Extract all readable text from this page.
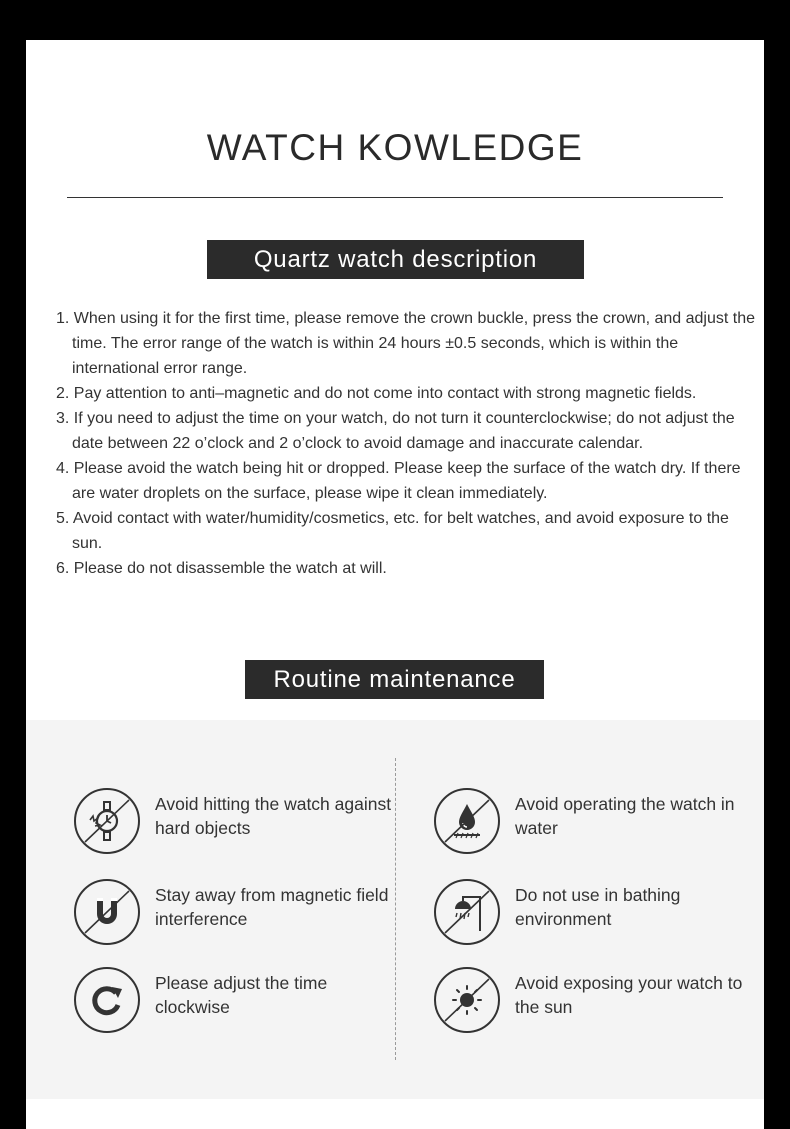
WATCH KOWLEDGE
Quartz watch description
1. When using it for the first time, please remove the crown buckle, press the crown, and adjust the time. The error range of the watch is within 24 hours ±0.5 seconds, which is within the international error range.
2. Pay attention to anti–magnetic and do not come into contact with strong magnetic fields.
3. If you need to adjust the time on your watch, do not turn it counterclockwise; do not adjust the date between 22 o’clock and 2 o’clock to avoid damage and inaccurate calendar.
4. Please avoid the watch being hit or dropped. Please keep the surface of the watch dry. If there are water droplets on the surface, please wipe it clean immediately.
5. Avoid contact with water/humidity/cosmetics, etc. for belt watches, and avoid exposure to the sun.
6. Please do not disassemble the watch at will.
Routine maintenance
Avoid hitting the watch against hard objects
Stay away from magnetic field interference
Please adjust the time clockwise
Avoid operating the watch in water
Do not use in bathing environment
Avoid exposing your watch to the sun
